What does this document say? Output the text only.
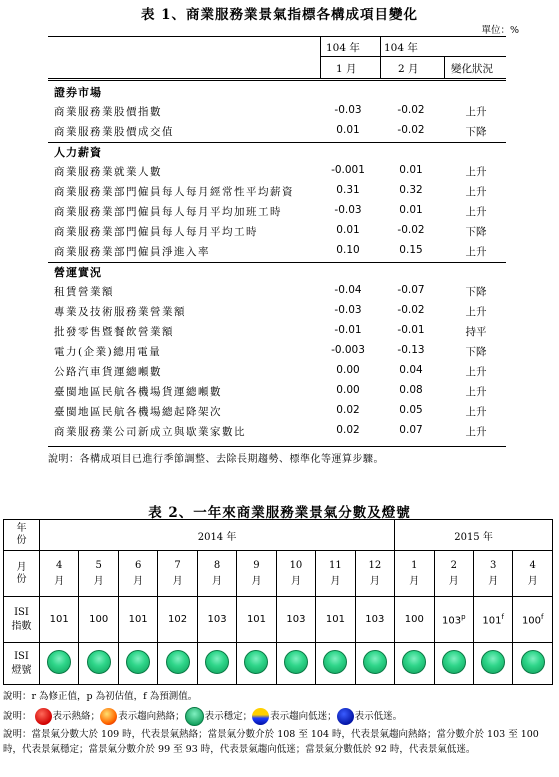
表 1、商業服務業景氣指標各構成項目變化
單位：%
104 年 104 年
1 月	2 月	變化狀況
證券市場
商業服務業股價指數	-0.03	-0.02	上升
商業服務業股價成交值	0.01	-0.02	下降
人力薪資
商業服務業就業人數	-0.001	0.01	上升
商業服務業部門僱員每人每月經常性平均薪資	0.31	0.32	上升
商業服務業部門僱員每人每月平均加班工時	-0.03	0.01	上升
商業服務業部門僱員每人每月平均工時	0.01	-0.02	下降
商業服務業部門僱員淨進入率	0.10	0.15	上升
營運實況
租賃營業額	-0.04	-0.07	下降
專業及技術服務業營業額	-0.03	-0.02	上升
批發零售暨餐飲營業額	-0.01	-0.01	持平
電力(企業)總用電量	-0.003	-0.13	下降
公路汽車貨運總噸數	0.00	0.04	上升
臺閩地區民航各機場貨運總噸數	0.00	0.08	上升
臺閩地區民航各機場總起降架次	0.02	0.05	上升
商業服務業公司新成立與歇業家數比	0.02	0.07	上升
說明：各構成項目已進行季節調整、去除長期趨勢、標準化等運算步驟。
表 2、一年來商業服務業景氣分數及燈號
年份	2014 年									2015 年			
月份	4 月	5 月	6 月	7 月	8 月	9 月	10 月	11 月	12 月	1 月	2 月	3 月	4 月
ISI指數	101	100	101	102	103	101	103	101	103	100	103$^p$	101$^f$	100$^f$
ISI燈號													
說明：r 為修正值，p 為初估值，f 為預測值。
說明： 表示熱絡； 表示趨向熱絡； 表示穩定； 表示趨向低迷； 表示低迷。
說明：當景氣分數大於 109 時，代表景氣熱絡；當景氣分數介於 108 至 104 時，代表景氣趨向熱絡；當分數介於 103 至 100 時，代表景氣穩定；當景氣分數介於 99 至 93 時，代表景氣趨向低迷；當景氣分數低於 92 時，代表景氣低迷。
